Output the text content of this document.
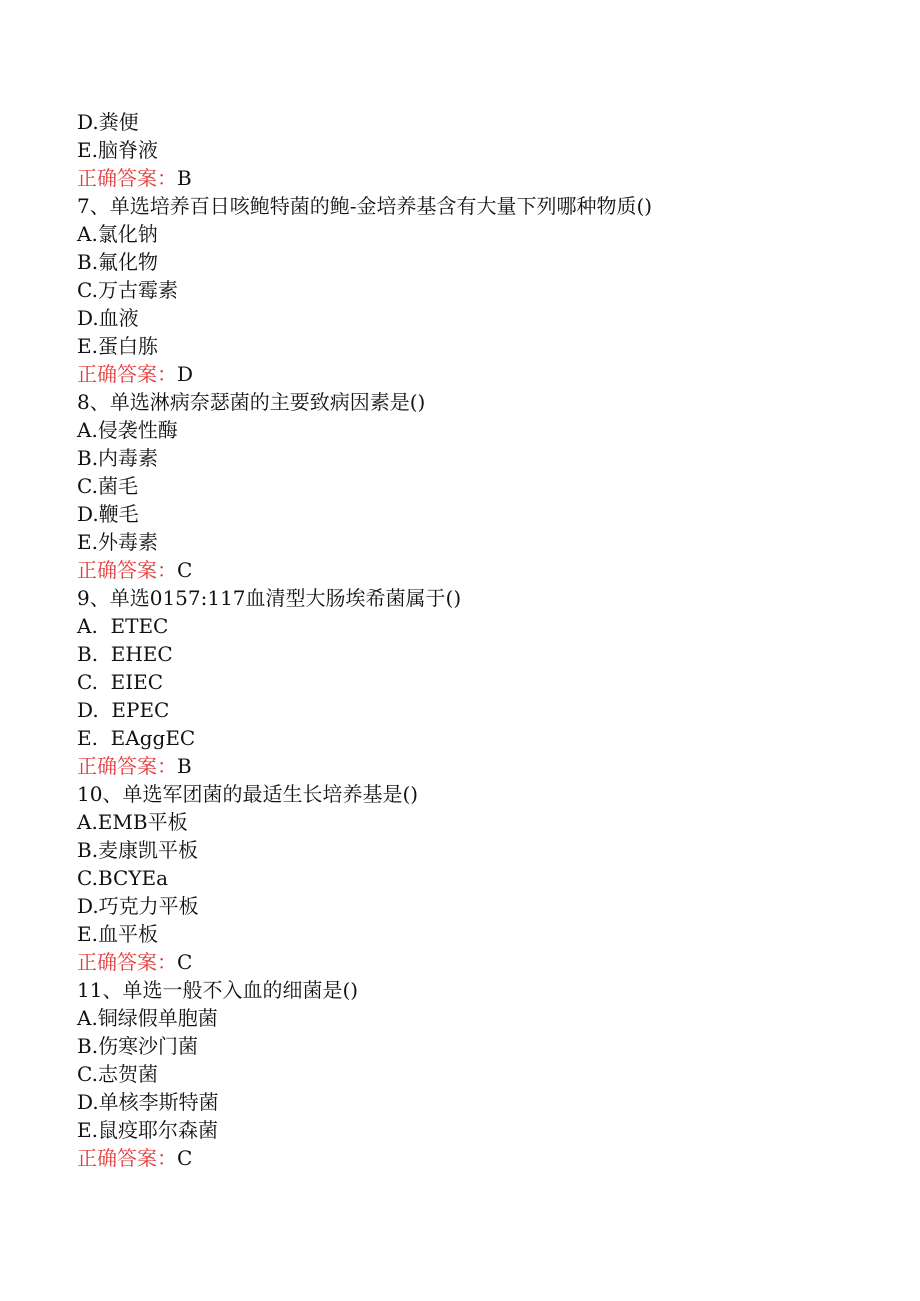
D.粪便
E.脑脊液
正确答案：B
7、单选培养百日咳鲍特菌的鲍-金培养基含有大量下列哪种物质()
A.氯化钠
B.氟化物
C.万古霉素
D.血液
E.蛋白胨
正确答案：D
8、单选淋病奈瑟菌的主要致病因素是()
A.侵袭性酶
B.内毒素
C.菌毛
D.鞭毛
E.外毒素
正确答案：C
9、单选0157:117血清型大肠埃希菌属于()
A.  ETEC
B.  EHEC
C.  EIEC
D.  EPEC
E.  EAggEC
正确答案：B
10、单选军团菌的最适生长培养基是()
A.EMB平板
B.麦康凯平板
C.BCYEa
D.巧克力平板
E.血平板
正确答案：C
11、单选一般不入血的细菌是()
A.铜绿假单胞菌
B.伤寒沙门菌
C.志贺菌
D.单核李斯特菌
E.鼠疫耶尔森菌
正确答案：C
